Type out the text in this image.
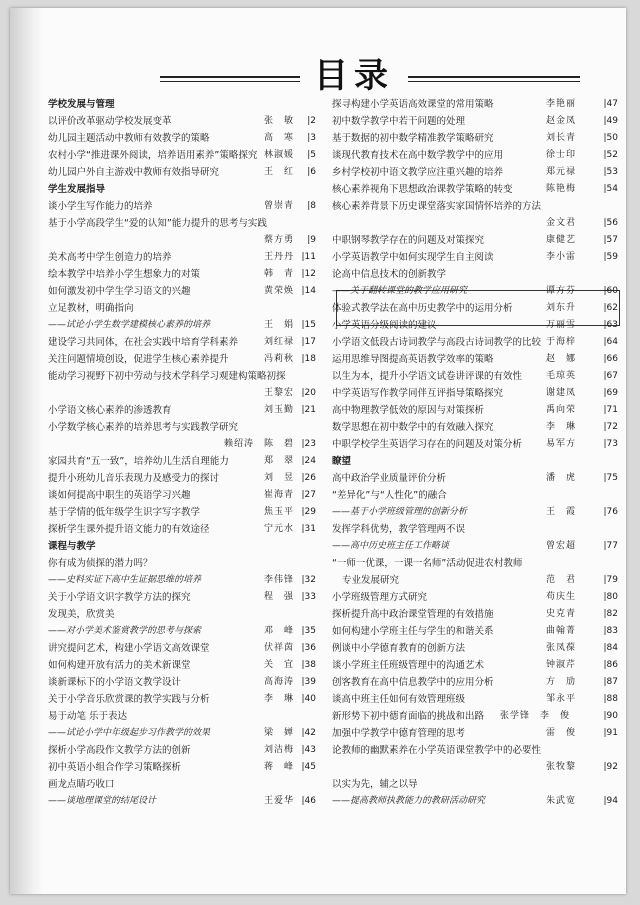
目录
学校发展与管理
以评价改革驱动学校发展变革	张　敏 |2
幼儿园主题活动中教师有效教学的策略	高　寒 |3
农村小学“推进课外阅读，培养语用素养”策略探究 林淑媛 |5
幼儿园户外自主游戏中教师有效指导研究	王　红 |6
学生发展指导
谈小学生写作能力的培养	曾崇青 |8
基于小学高段学生“爱的认知”能力提升的思考与实践
蔡方勇 |9
美术高考中学生创造力的培养	王丹丹 |11
绘本教学中培养小学生想象力的对策	韩　青 |12
如何激发初中学生学习语文的兴趣	黄荣焕 |14
立足教材，明确指向
——试论小学生数学建模核心素养的培养	王　娟 |15
建设学习共同体，在社会实践中培育学科素养	刘红禄 |17
关注问题情境创设，促进学生核心素养提升	冯莉秋 |18
能动学习视野下初中劳动与技术学科学习观建构策略初探
王黎宏 |20
小学语文核心素养的渗透教育	刘玉勤 |21
小学数学核心素养的培养思考与实践教学研究
赖绍涛　陈　碧 |23
家园共育“五一致”，培养幼儿生活自理能力	郑　翠 |24
提升小班幼儿音乐表现力及感受力的探讨	刘　昱 |26
谈如何提高中职生的英语学习兴趣	崔海青 |27
基于学情的低年级学生识字写字教学	焦玉平 |29
探析学生课外提升语文能力的有效途径	宁元水 |31
课程与教学
你有成为侦探的潜力吗？
——史料实证下高中生证据思维的培养	李伟锋 |32
关于小学语文识字教学方法的探究	程　强 |33
发现美，欣赏美
——对小学美术鉴赏教学的思考与探索	邓　峰 |35
讲究提问艺术，构建小学语文高效课堂	伏祥茵 |36
如何构建开放有活力的美术新课堂	关　宜 |38
谈新课标下的小学语文教学设计	高海涛 |39
关于小学音乐欣赏课的教学实践与分析	李　琳 |40
易于动笔 乐于表达
——试论小学中年级起步习作教学的效果	梁　婵 |42
探析小学高段作文教学方法的创新	刘洁梅 |43
初中英语小组合作学习策略探析	蒋　峰 |45
画龙点睛巧收口
——谈地理课堂的结尾设计	王爱华 |46
探寻构建小学英语高效课堂的常用策略	李艳丽	|47
初中数学教学中若干问题的处理	赵金凤	|49
基于数据的初中数学精准教学策略研究	刘长青	|50
谈现代教育技术在高中数学教学中的应用	徐士印	|52
乡村学校初中语文教学应注重兴趣的培养	郑元禄	|53
核心素养视角下思想政治课教学策略的转变	陈艳梅	|54
核心素养背景下历史课堂落实家国情怀培养的方法
金文君	|56
中职钢琴教学存在的问题及对策探究	康健艺	|57
小学英语教学中如何实现学生自主阅读	李小雷	|59
论高中信息技术的创新教学
——关于翻转课堂的教学应用研究	谭方芬	|60
体验式教学法在高中历史教学中的运用分析	刘东升	|62
小学英语分级阅读的建议	万丽雪	|63
小学语文低段古诗词教学与高段古诗词教学的比较 于海梓	|64
运用思维导图提高英语教学效率的策略	赵　娜	|66
以生为本，提升小学语文试卷讲评课的有效性	毛琼英	|67
中学英语写作教学同伴互评指导策略探究	谢建凤	|69
高中物理教学低效的原因与对策探析	禹向荣	|71
数学思想在初中数学中的有效融入探究	李　琳	|72
中职学校学生英语学习存在的问题及对策分析	易军方	|73
瞭望
高中政治学业质量评价分析	潘　虎	|75
“差异化”与“人性化”的融合
——基于小学班级管理的创新分析	王　霞	|76
发挥学科优势，教学管理两不误
——高中历史班主任工作略谈	曾宏超	|77
“一师一优课，一课一名师”活动促进农村教师
专业发展研究	范　君	|79
小学班级管理方式研究	苟庆生	|80
探析提升高中政治课堂管理的有效措施	史克青	|82
如何构建小学班主任与学生的和谐关系	曲翰菁	|83
例谈中小学德育教育的创新方法	张凤葆	|84
谈小学班主任班级管理中的沟通艺术	钟淑芹	|86
创客教育在高中信息教学中的应用分析	方　劢	|87
谈高中班主任如何有效管理班级	邹永平	|88
新形势下初中德育面临的挑战和出路 张学锋　李　俊	|90
加强中学教学中德育管理的思考	雷　俊	|91
论教师的幽默素养在小学英语课堂教学中的必要性
张牧黎	|92
以实为先，辅之以导
——提高教师执教能力的教研活动研究	朱武宽	|94
